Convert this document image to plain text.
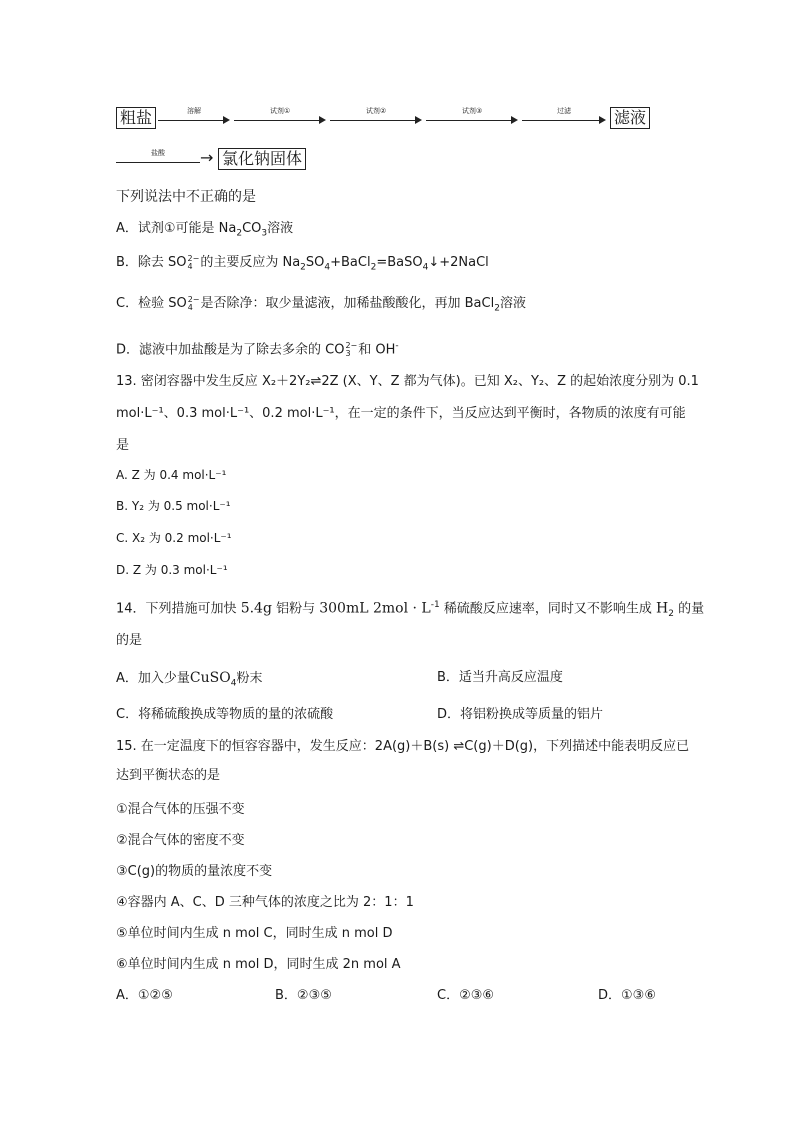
粗盐	溶解	试剂①	试剂②	试剂③	过滤	滤液
盐酸	→ 氯化钠固体
下列说法中不正确的是
A．试剂①可能是 $Na_2CO_3$溶液
B．除去 SO 2−
4 的主要反应为 $Na_2SO_4+BaCl_2=BaSO_4↓+2NaCl$
C．检验 SO 2−
4 是否除净：取少量滤液，加稀盐酸酸化，再加 BaCl$_2$溶液
D．滤液中加盐酸是为了除去多余的 CO 2−
3 和 OH-
13. 密闭容器中发生反应 X₂＋2Y₂⇌2Z (X、Y、Z 都为气体)。已知 X₂、Y₂、Z 的起始浓度分别为 0.1
mol·L⁻¹、0.3 mol·L⁻¹、0.2 mol·L⁻¹，在一定的条件下，当反应达到平衡时，各物质的浓度有可能
是
A. Z 为 0.4 mol·L⁻¹
B. Y₂ 为 0.5 mol·L⁻¹
C. X₂ 为 0.2 mol·L⁻¹
D. Z 为 0.3 mol·L⁻¹
14．下列措施可加快 5.4g 铝粉与 300mL $2mol \cdot L^{-1}$ 稀硫酸反应速率，同时又不影响生成 $H_2$ 的量
的是
A．加入少量CuSO$_4$粉末	B．适当升高反应温度
C．将稀硫酸换成等物质的量的浓硫酸	D．将铝粉换成等质量的铝片
15. 在一定温度下的恒容容器中，发生反应：2A(g)＋B(s) ⇌C(g)＋D(g)，下列描述中能表明反应已
达到平衡状态的是
①混合气体的压强不变
②混合气体的密度不变
③C(g)的物质的量浓度不变
④容器内 A、C、D 三种气体的浓度之比为 2：1：1
⑤单位时间内生成 n mol C，同时生成 n mol D
⑥单位时间内生成 n mol D，同时生成 2n mol A
A．①②⑤	B．②③⑤	C．②③⑥	D．①③⑥
